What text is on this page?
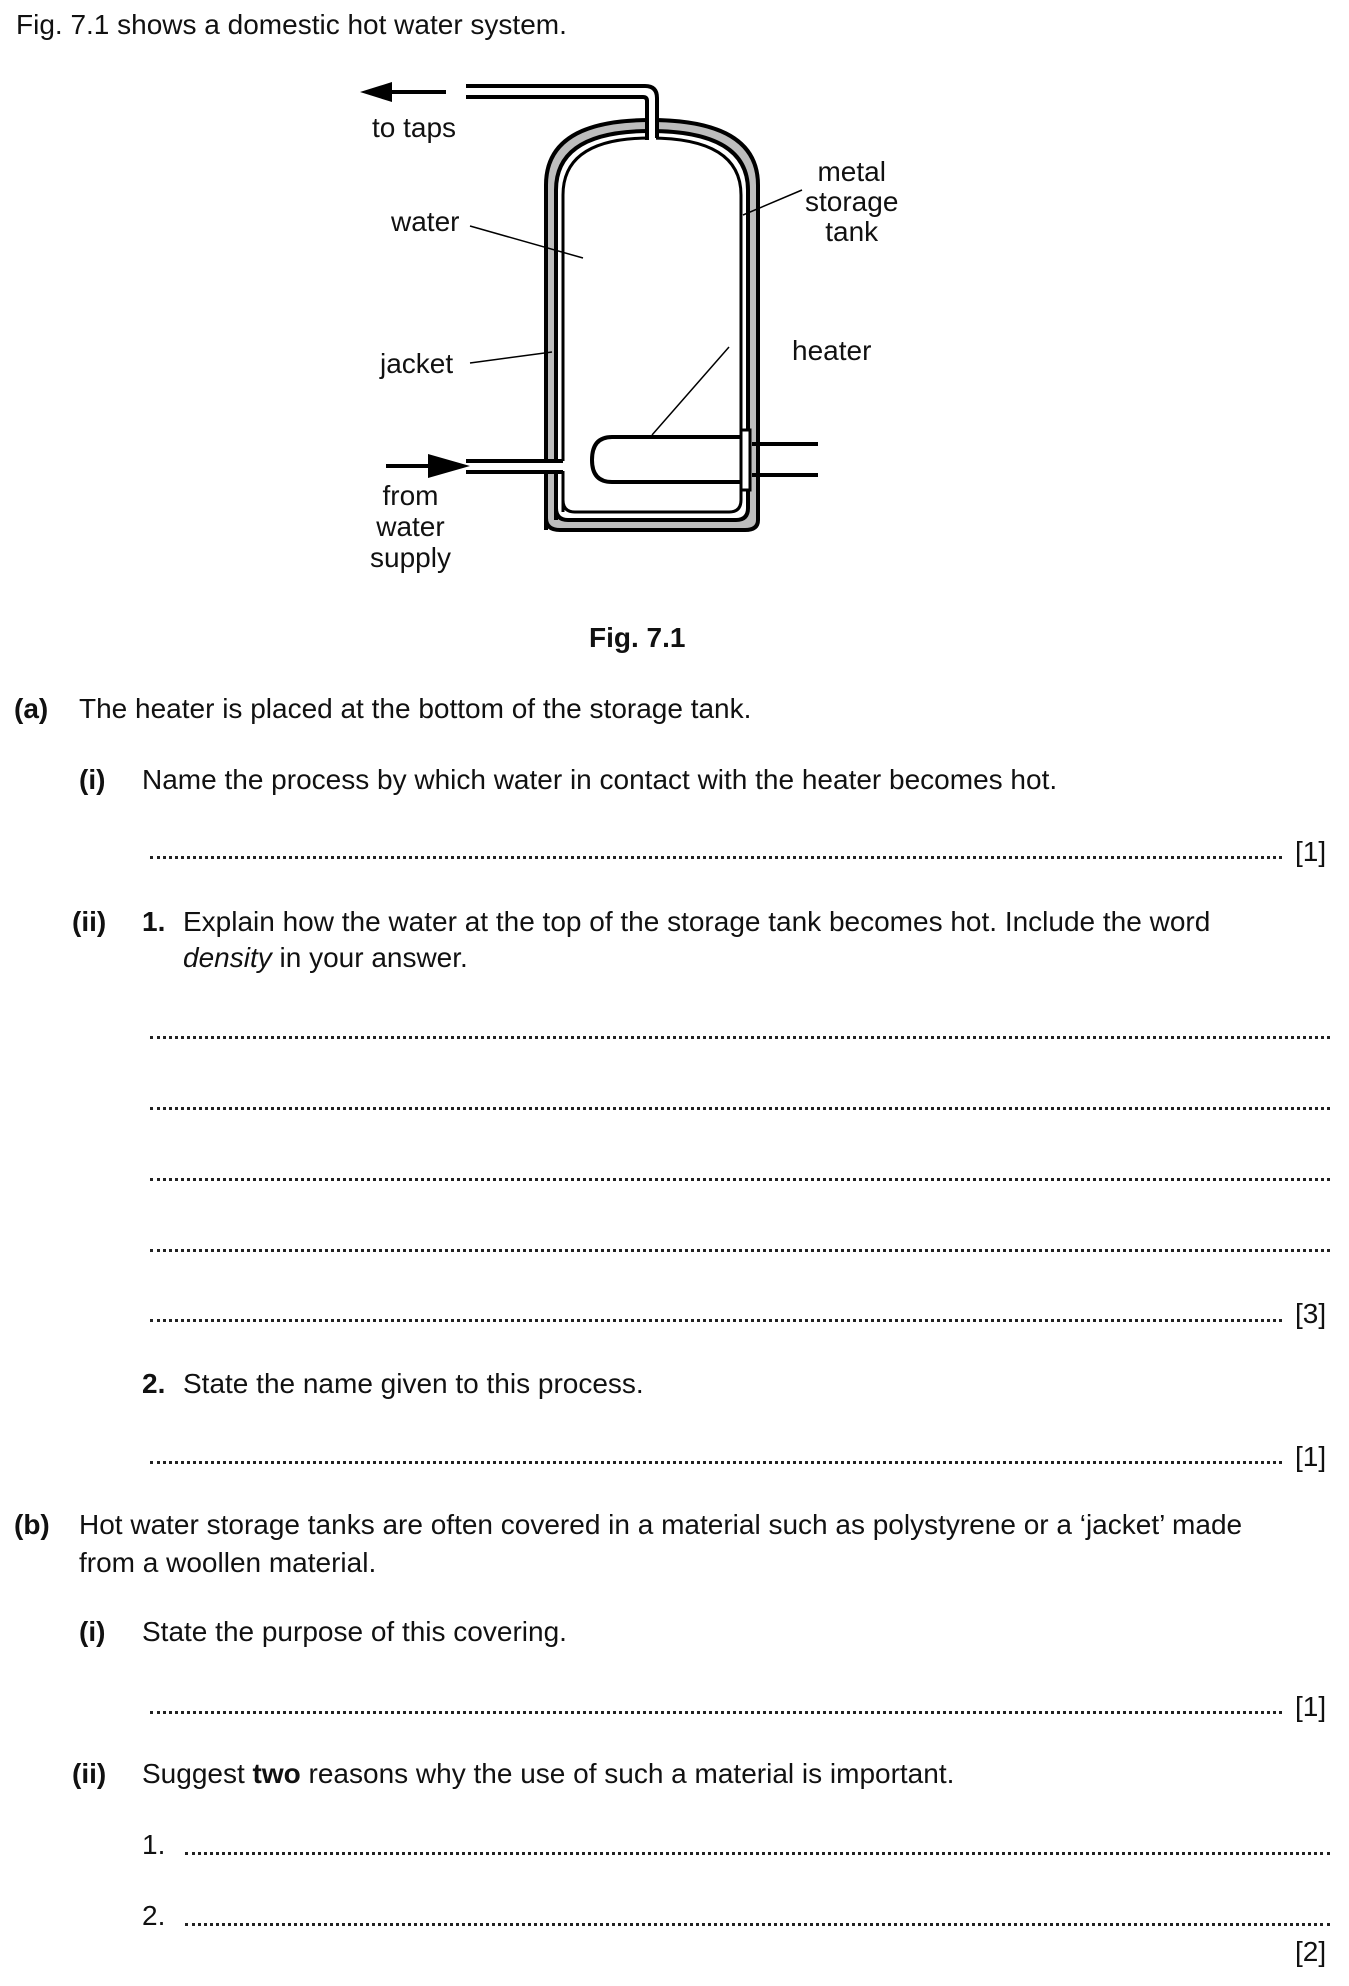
Fig. 7.1 shows a domestic hot water system.
to taps
water
metal
storage
tank
jacket	heater
from
water
supply
Fig. 7.1
(a) The heater is placed at the bottom of the storage tank.
(i) Name the process by which water in contact with the heater becomes hot.
[1]
(ii) 1. Explain how the water at the top of the storage tank becomes hot. Include the word
density in your answer.
[3]
2. State the name given to this process.
[1]
(b) Hot water storage tanks are often covered in a material such as polystyrene or a ‘jacket’ made
from a woollen material.
(i) State the purpose of this covering.
[1]
(ii) Suggest two reasons why the use of such a material is important.
1.
2.
[2]
